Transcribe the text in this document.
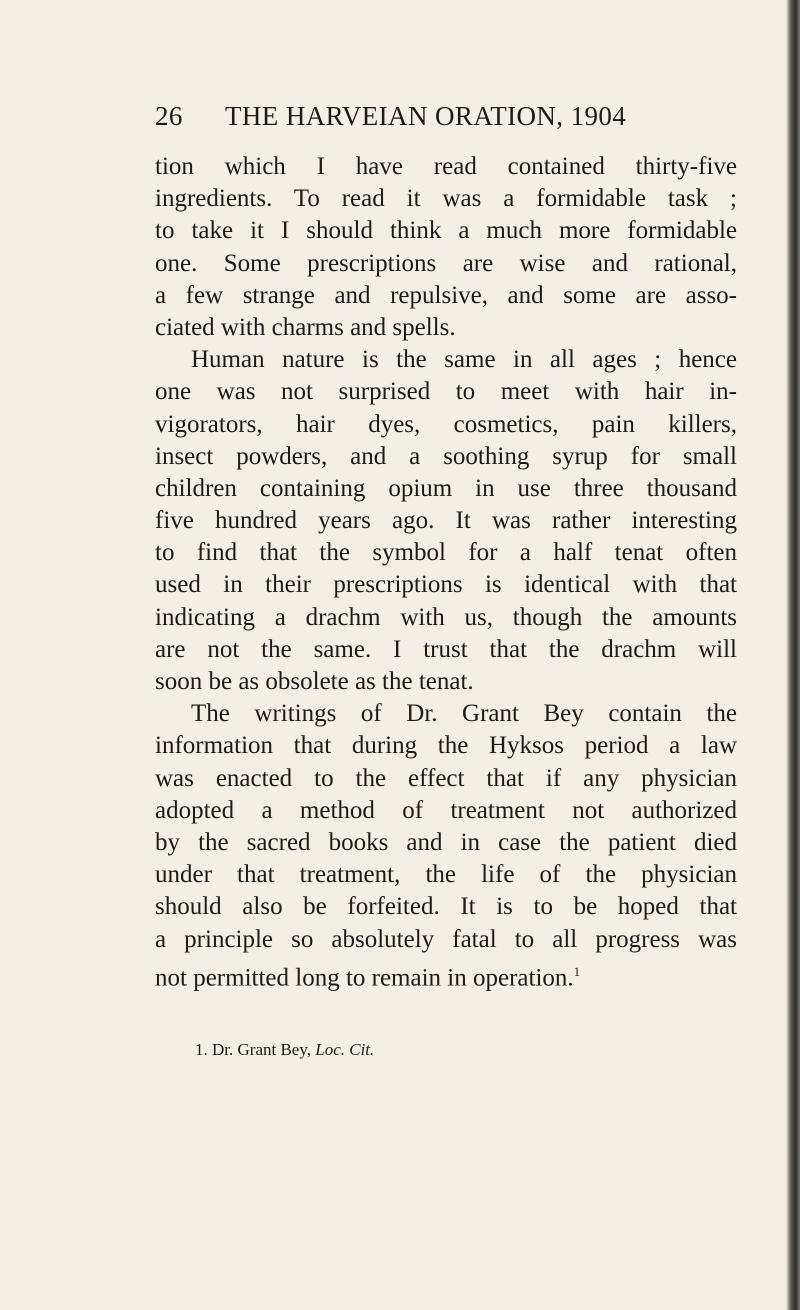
26 THE HARVEIAN ORATION, 1904
tion which I have read contained thirty-five
ingredients. To read it was a formidable task ;
to take it I should think a much more formidable
one. Some prescriptions are wise and rational,
a few strange and repulsive, and some are asso-
ciated with charms and spells.
Human nature is the same in all ages ; hence
one was not surprised to meet with hair in-
vigorators, hair dyes, cosmetics, pain killers,
insect powders, and a soothing syrup for small
children containing opium in use three thousand
five hundred years ago. It was rather interesting
to find that the symbol for a half tenat often
used in their prescriptions is identical with that
indicating a drachm with us, though the amounts
are not the same. I trust that the drachm will
soon be as obsolete as the tenat.
The writings of Dr. Grant Bey contain the
information that during the Hyksos period a law
was enacted to the effect that if any physician
adopted a method of treatment not authorized
by the sacred books and in case the patient died
under that treatment, the life of the physician
should also be forfeited. It is to be hoped that
a principle so absolutely fatal to all progress was
not permitted long to remain in operation.$^1$
1. Dr. Grant Bey, Loc. Cit.
